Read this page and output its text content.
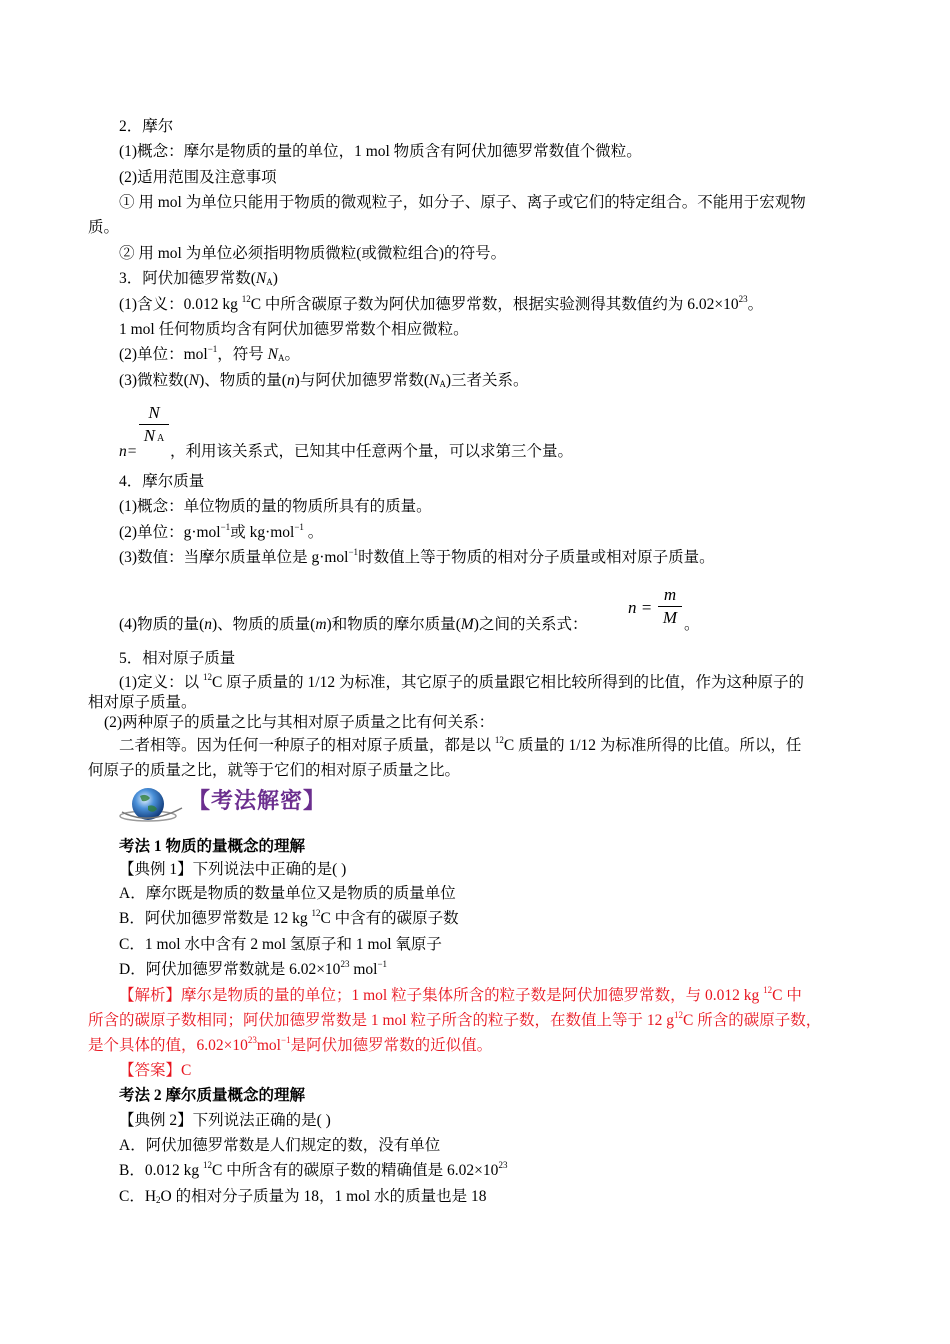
2．摩尔
(1)概念：摩尔是物质的量的单位，1 mol 物质含有阿伏加德罗常数值个微粒。
(2)适用范围及注意事项
① 用 mol 为单位只能用于物质的微观粒子，如分子、原子、离子或它们的特定组合。不能用于宏观物
质。
② 用 mol 为单位必须指明物质微粒(或微粒组合)的符号。
3．阿伏加德罗常数$(N_A)$
(1)含义：0.012 kg $^{12}$C 中所含碳原子数为阿伏加德罗常数，根据实验测得其数值约为 $6.02\times 10^{23}$。
1 mol 任何物质均含有阿伏加德罗常数个相应微粒。
(2)单位：mol$^{-1}$，符号 $N_A$。
(3)微粒数(N)、物质的量(n)与阿伏加德罗常数$(N_A)$三者关系。
n=
N
N A
，利用该关系式，已知其中任意两个量，可以求第三个量。
4．摩尔质量
(1)概念：单位物质的量的物质所具有的质量。
(2)单位：g·mol$^{-1}$或 kg·mol$^{-1}$ 。
(3)数值：当摩尔质量单位是 g·mol$^{-1}$时数值上等于物质的相对分子质量或相对原子质量。
(4)物质的量(n)、物质的质量(m)和物质的摩尔质量(M)之间的关系式：
n =
m
M 。
5．相对原子质量
(1)定义：以 $^{12}$C 原子质量的 1/12 为标准，其它原子的质量跟它相比较所得到的比值，作为这种原子的
相对原子质量。
(2)两种原子的质量之比与其相对原子质量之比有何关系：
二者相等。因为任何一种原子的相对原子质量，都是以 $^{12}$C 质量的 1/12 为标准所得的比值。所以，任
何原子的质量之比，就等于它们的相对原子质量之比。
【考法解密】
考法 1 物质的量概念的理解
【典例 1】下列说法中正确的是( )
A．摩尔既是物质的数量单位又是物质的质量单位
B．阿伏加德罗常数是 12 kg $^{12}$C 中含有的碳原子数
C．1 mol 水中含有 2 mol 氢原子和 1 mol 氧原子
D．阿伏加德罗常数就是 $6.02\times 10^{23}$ mol$^{-1}$
【解析】摩尔是物质的量的单位；1 mol 粒子集体所含的粒子数是阿伏加德罗常数，与 0.012 kg $^{12}$C 中
所含的碳原子数相同；阿伏加德罗常数是 1 mol 粒子所含的粒子数，在数值上等于 12 $g^{12}C$ 所含的碳原子数，
是个具体的值，$6.02\times 10^{23}mol^{-1}$是阿伏加德罗常数的近似值。
【答案】C
考法 2 摩尔质量概念的理解
【典例 2】下列说法正确的是( )
A．阿伏加德罗常数是人们规定的数，没有单位
B．0.012 kg $^{12}$C 中所含有的碳原子数的精确值是 $6.02\times 10^{23}$
C．$H_2O$ 的相对分子质量为 18，1 mol 水的质量也是 18
